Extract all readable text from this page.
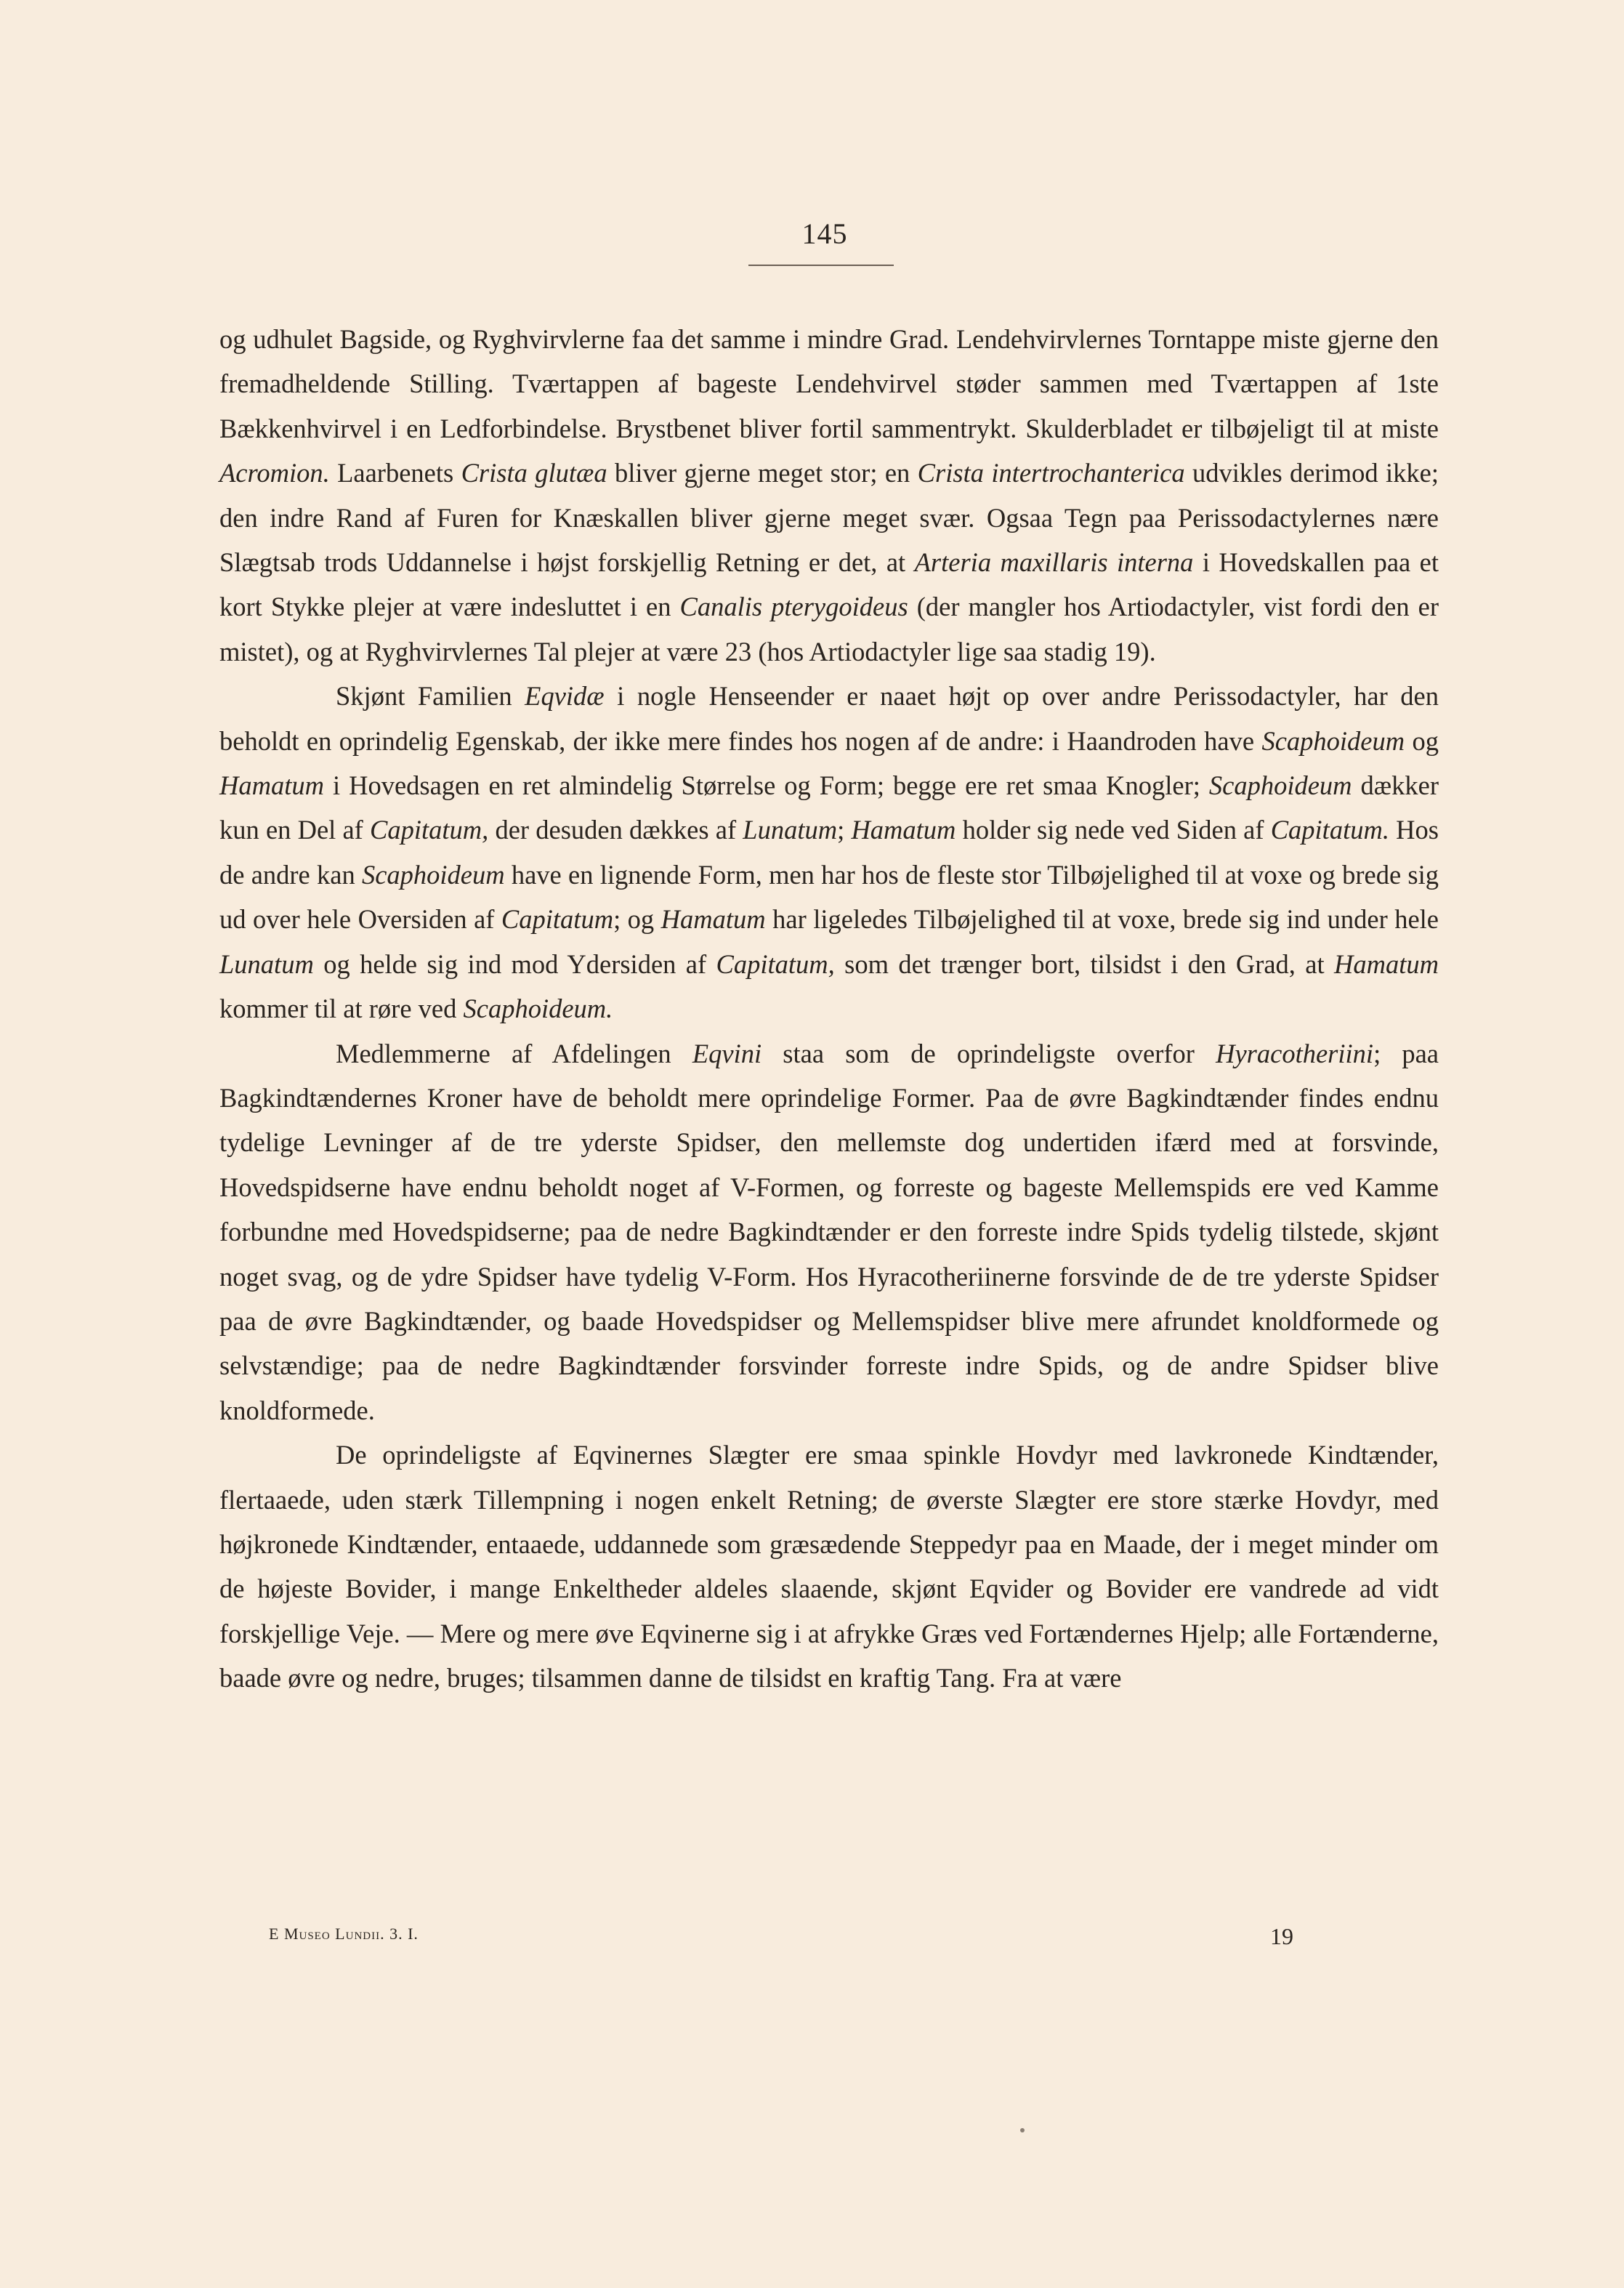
145

og udhulet Bagside, og Ryghvirvlerne faa det samme i mindre Grad. Lendehvirvlernes Torntappe miste gjerne den fremadheldende Stilling. Tværtappen af bageste Lendehvirvel støder sammen med Tværtappen af 1ste Bækkenhvirvel i en Ledforbindelse. Brystbenet bliver fortil sammentrykt. Skulderbladet er tilbøjeligt til at miste Acromion. Laarbenets Crista glutæa bliver gjerne meget stor; en Crista intertrochanterica udvikles derimod ikke; den indre Rand af Furen for Knæskallen bliver gjerne meget svær. Ogsaa Tegn paa Perissodactylernes nære Slægtsab trods Uddannelse i højst forskjellig Retning er det, at Arteria maxillaris interna i Hovedskallen paa et kort Stykke plejer at være indesluttet i en Canalis pterygoideus (der mangler hos Artiodactyler, vist fordi den er mistet), og at Ryghvirvlernes Tal plejer at være 23 (hos Artiodactyler lige saa stadig 19).

Skjønt Familien Eqvidæ i nogle Henseender er naaet højt op over andre Perissodactyler, har den beholdt en oprindelig Egenskab, der ikke mere findes hos nogen af de andre: i Haandroden have Scaphoideum og Hamatum i Hovedsagen en ret almindelig Størrelse og Form; begge ere ret smaa Knogler; Scaphoideum dækker kun en Del af Capitatum, der desuden dækkes af Lunatum; Hamatum holder sig nede ved Siden af Capitatum. Hos de andre kan Scaphoideum have en lignende Form, men har hos de fleste stor Tilbøjelighed til at voxe og brede sig ud over hele Oversiden af Capitatum; og Hamatum har ligeledes Tilbøjelighed til at voxe, brede sig ind under hele Lunatum og helde sig ind mod Ydersiden af Capitatum, som det trænger bort, tilsidst i den Grad, at Hamatum kommer til at røre ved Scaphoideum.

Medlemmerne af Afdelingen Eqvini staa som de oprindeligste overfor Hyracotheriini; paa Bagkindtændernes Kroner have de beholdt mere oprindelige Former. Paa de øvre Bagkindtænder findes endnu tydelige Levninger af de tre yderste Spidser, den mellemste dog undertiden ifærd med at forsvinde, Hovedspidserne have endnu beholdt noget af V-Formen, og forreste og bageste Mellemspids ere ved Kamme forbundne med Hovedspidserne; paa de nedre Bagkindtænder er den forreste indre Spids tydelig tilstede, skjønt noget svag, og de ydre Spidser have tydelig V-Form. Hos Hyracotheriinerne forsvinde de de tre yderste Spidser paa de øvre Bagkindtænder, og baade Hovedspidser og Mellemspidser blive mere afrundet knoldformede og selvstændige; paa de nedre Bagkindtænder forsvinder forreste indre Spids, og de andre Spidser blive knoldformede.

De oprindeligste af Eqvinernes Slægter ere smaa spinkle Hovdyr med lavkronede Kindtænder, flertaaede, uden stærk Tillempning i nogen enkelt Retning; de øverste Slægter ere store stærke Hovdyr, med højkronede Kindtænder, entaaede, uddannede som græsædende Steppedyr paa en Maade, der i meget minder om de højeste Bovider, i mange Enkeltheder aldeles slaaende, skjønt Eqvider og Bovider ere vandrede ad vidt forskjellige Veje. — Mere og mere øve Eqvinerne sig i at afrykke Græs ved Fortændernes Hjelp; alle Fortænderne, baade øvre og nedre, bruges; tilsammen danne de tilsidst en kraftig Tang. Fra at være

E Museo Lundii. 3. I.	19
